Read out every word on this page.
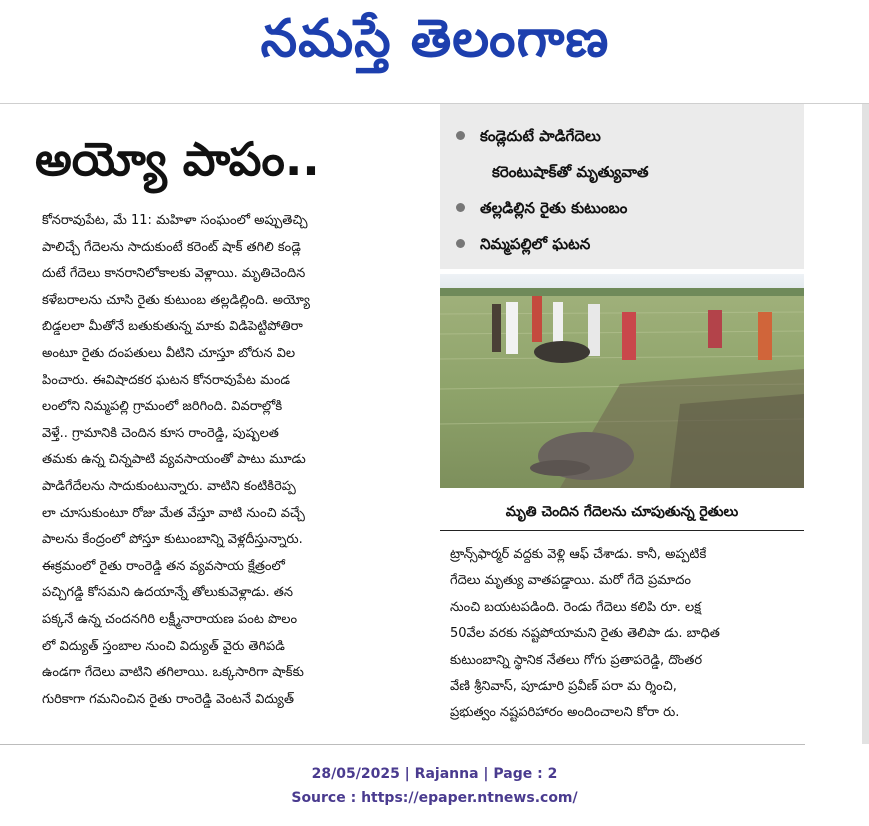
నమస్తే తెలంగాణ
అయ్యో పాపం..
కోనరావుపేట, మే 11: మహిళా సంఘంలో అప్పుతెచ్చి
పాలిచ్చే గేదెలను సాదుకుంటే కరెంట్ షాక్ తగిలి కండ్లె
దుటే గేదెలు కానరానిలోకాలకు వెళ్లాయి. మృతిచెందిన
కళేబరాలను చూసి రైతు కుటుంబ తల్లడిల్లింది. అయ్యో
బిడ్డలలా మీతోనే బతుకుతున్న మాకు విడిపెట్టిపోతిరా
అంటూ రైతు దంపతులు వీటిని చూస్తూ బోరున విల
పించారు. ఈవిషాదకర ఘటన కోనరావుపేట మండ
లంలోని నిమ్మపల్లి గ్రామంలో జరిగింది. వివరాల్లోకి
వెళ్తే.. గ్రామానికి చెందిన కూస రాంరెడ్డి, పుష్పలత
తమకు ఉన్న చిన్నపాటి వ్యవసాయంతో పాటు మూడు
పాడిగేదేలను సాదుకుంటున్నారు. వాటిని కంటికిరెప్ప
లా చూసుకుంటూ రోజు మేత వేస్తూ వాటి నుంచి వచ్చే
పాలను కేంద్రంలో పోస్తూ కుటుంబాన్ని వెళ్లదీస్తున్నారు.
ఈక్రమంలో రైతు రాంరెడ్డి తన వ్యవసాయ క్షేత్రంలో
పచ్చిగడ్డి కోసమని ఉదయాన్నే తోలుకువెళ్లాడు. తన
పక్కనే ఉన్న చందనగిరి లక్ష్మీనారాయణ పంట పొలం
లో విద్యుత్ స్తంబాల నుంచి విద్యుత్ వైరు తెగిపడి
ఉండగా గేదెలు వాటిని తగిలాయి. ఒక్కసారిగా షాక్‌కు
గురికాగా గమనించిన రైతు రాంరెడ్డి వెంటనే విద్యుత్
కండ్లెదుటే పాడిగేదెలు
కరెంటుషాక్‌తో మృత్యువాత
తల్లడిల్లిన రైతు కుటుంబం
నిమ్మపల్లిలో ఘటన
మృతి చెందిన గేదెలను చూపుతున్న రైతులు
ట్రాన్స్‌ఫార్మర్ వద్దకు వెళ్లి ఆఫ్ చేశాడు. కానీ, అప్పటికే
గేదెలు మృత్యు వాతపడ్డాయి. మరో గేదె ప్రమాదం
నుంచి బయటపడింది. రెండు గేదెలు కలిపి రూ. లక్ష
50వేల వరకు నష్టపోయామని రైతు తెలిపా డు. బాధిత
కుటుంబాన్ని స్థానిక నేతలు గోగు ప్రతాపరెడ్డి, దొంతర
వేణి శ్రీనివాస్, పూడూరి ప్రవీణ్ పరా మ ర్శించి,
ప్రభుత్వం నష్టపరిహారం అందించాలని కోరా రు.
28/05/2025 | Rajanna | Page : 2
Source : https://epaper.ntnews.com/
